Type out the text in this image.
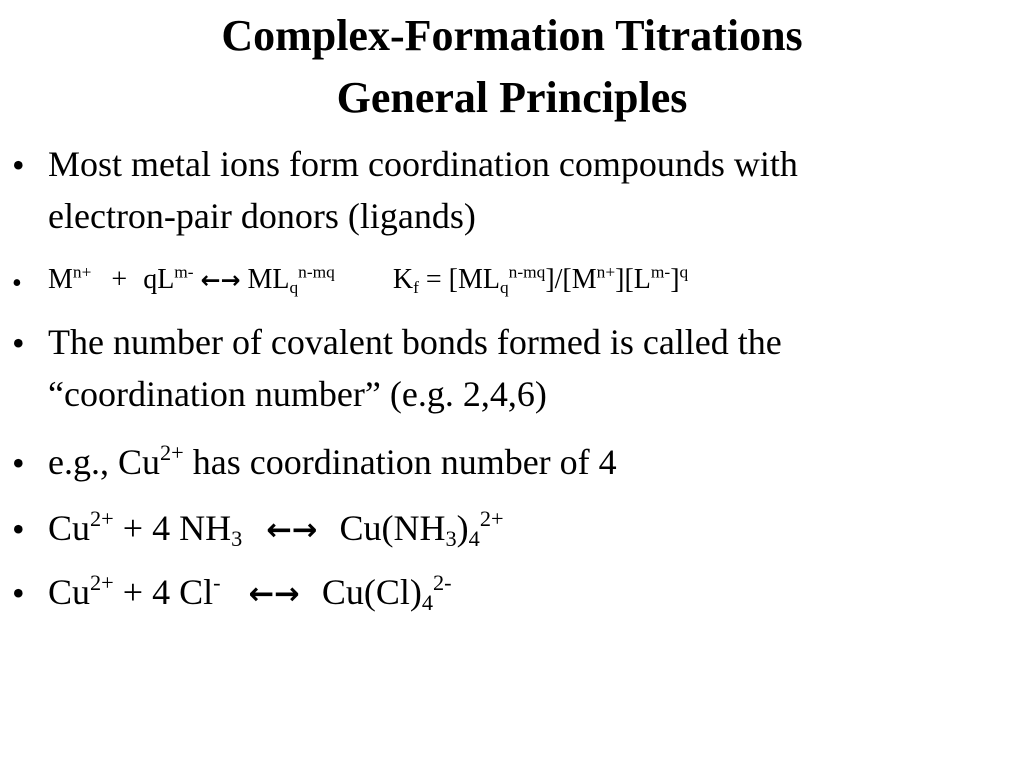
Complex-Formation Titrations
General Principles
• Most metal ions form coordination compounds with
electron-pair donors (ligands)
• $M^{n+} + qL^{m-}$ ←→ $ML_q^{n-mq}$ $K_f = [ML_q^{n-mq}]/[M^{n+}][L^{m-}]^q$
• The number of covalent bonds formed is called the
“coordination number” (e.g. 2,4,6)
• e.g., $Cu^{2+}$ has coordination number of 4
• $Cu^{2+} + 4$ $NH_3$ ←→ $Cu(NH_3)_4^{2+}$
• $Cu^{2+} + 4$ Cl- ←→ $Cu(Cl)_4^{2-}$
